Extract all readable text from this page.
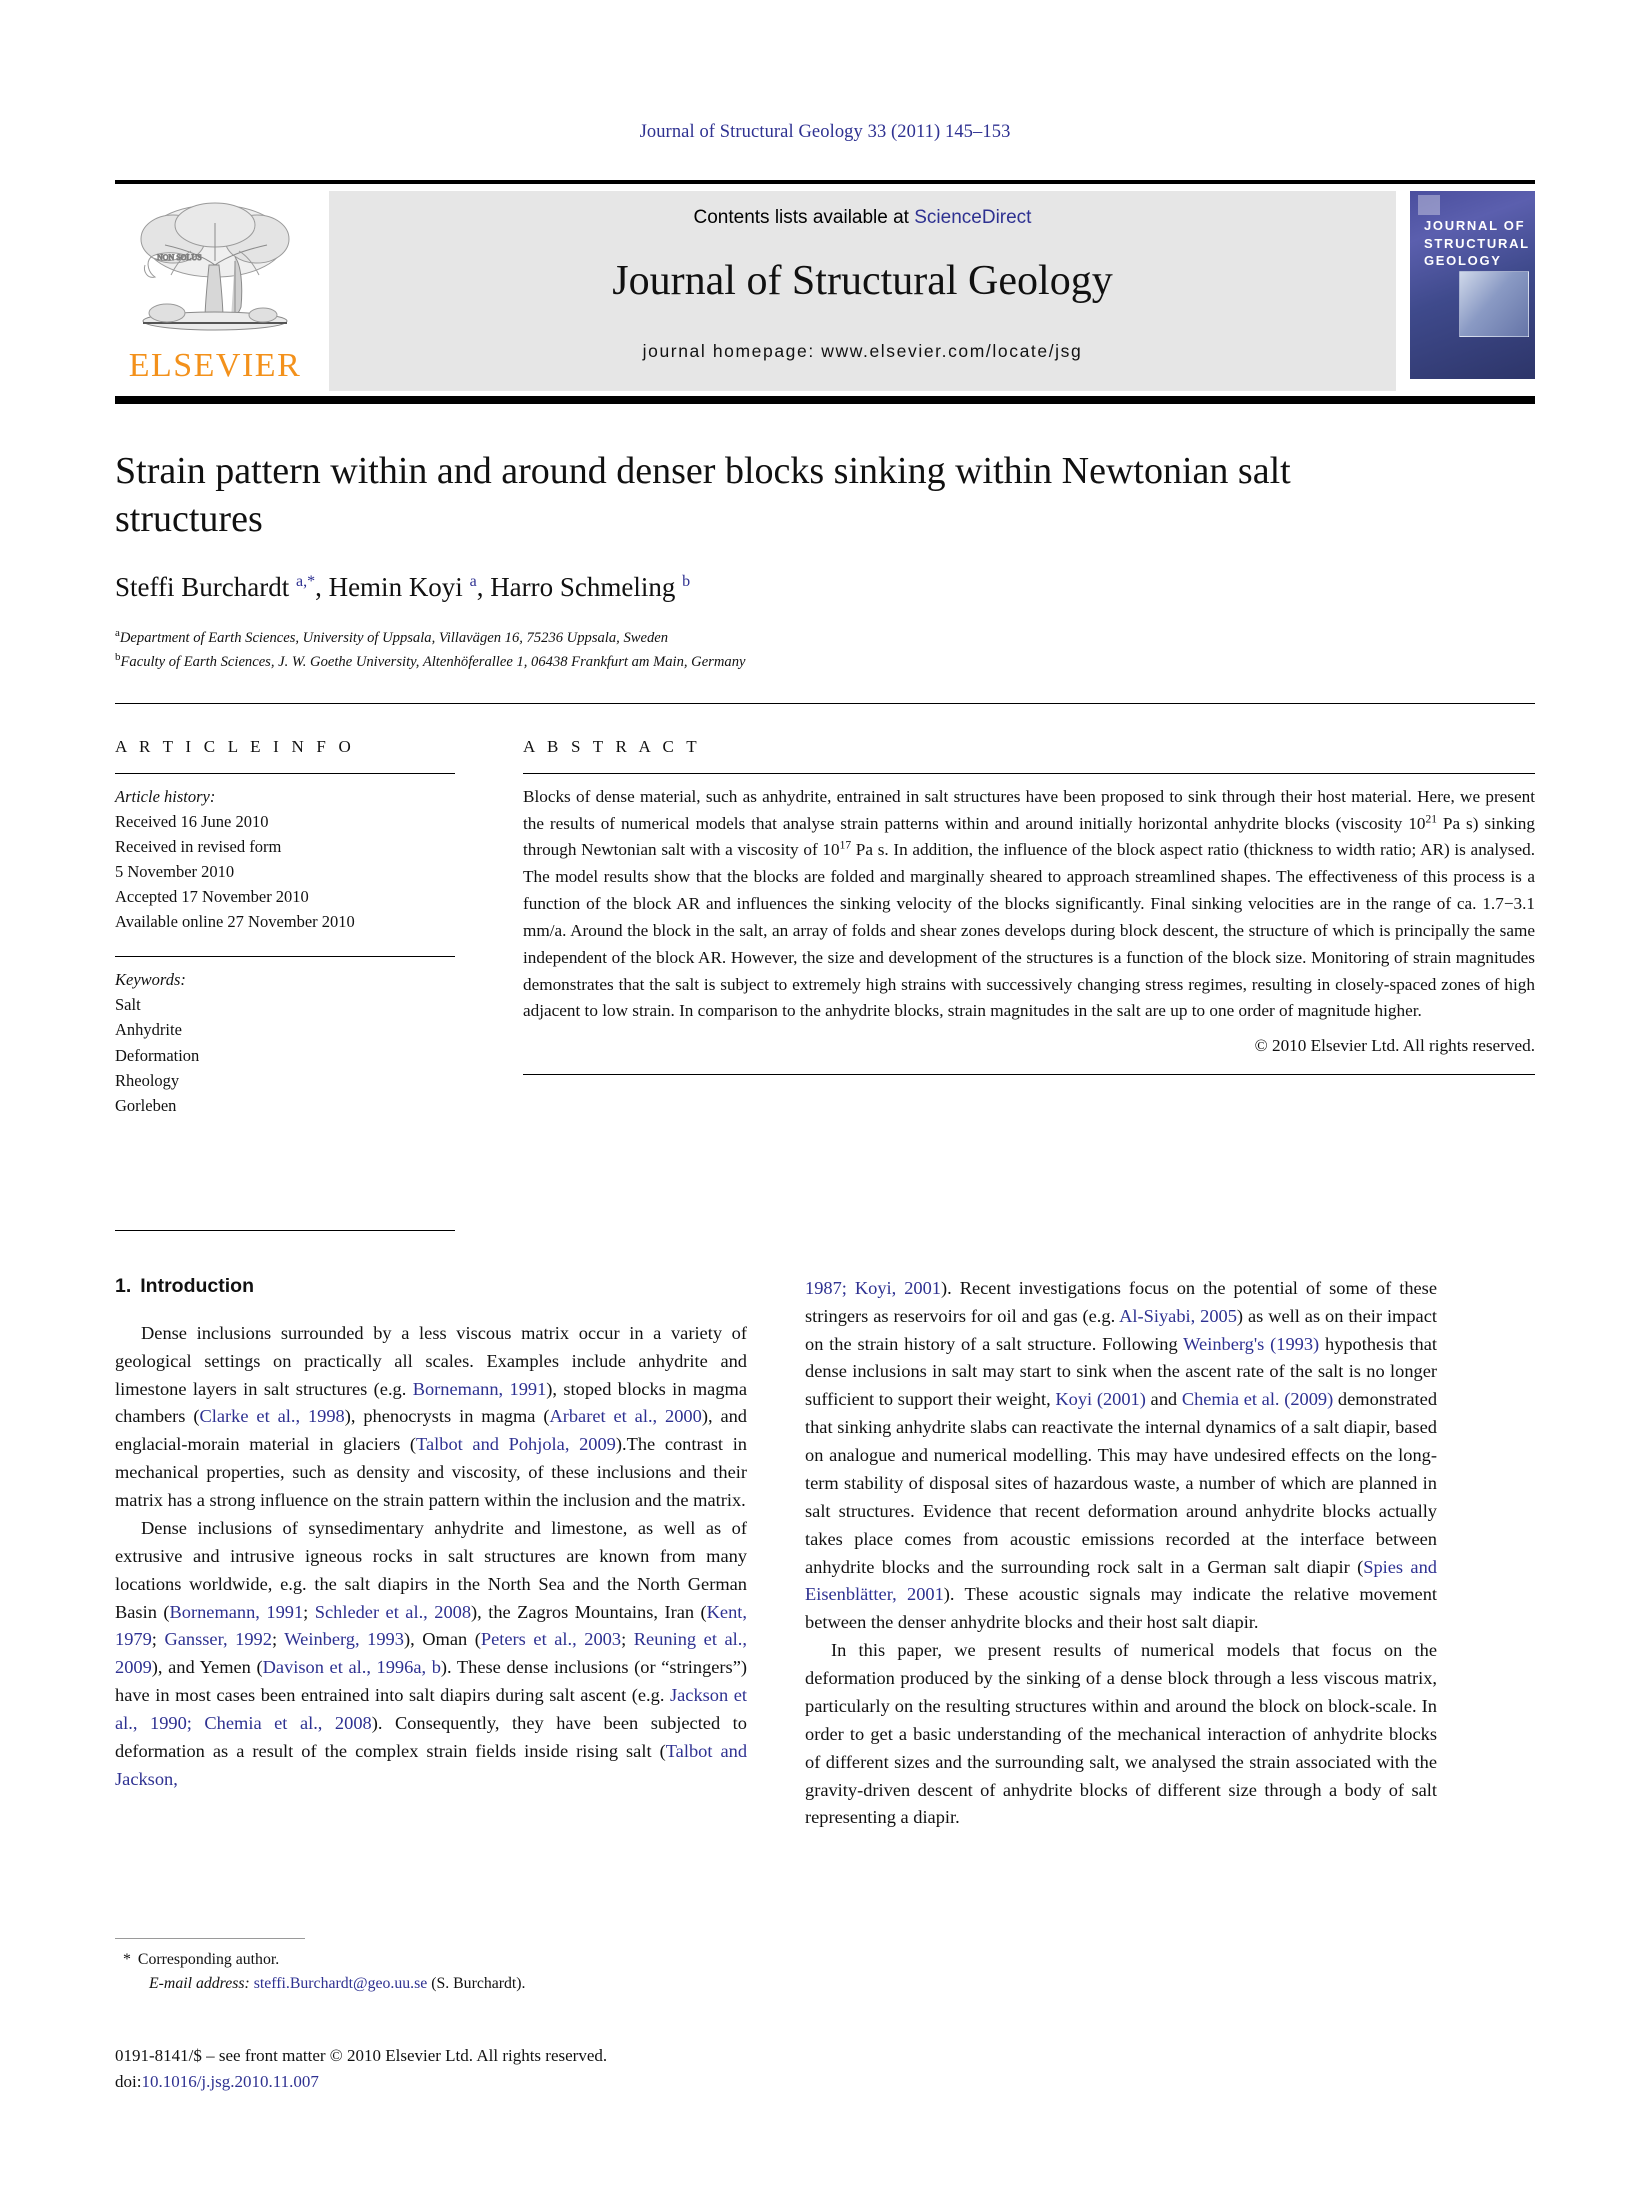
Journal of Structural Geology 33 (2011) 145–153
NON SOLUS
ELSEVIER
Contents lists available at ScienceDirect
Journal of Structural Geology
journal homepage: www.elsevier.com/locate/jsg
JOURNAL OF
STRUCTURAL
GEOLOGY
Strain pattern within and around denser blocks sinking within Newtonian salt structures
Steffi Burchardt $^{a,*}$, Hemin Koyi $^a$, Harro Schmeling $^b$
$^a$Department of Earth Sciences, University of Uppsala, Villavägen 16, 75236 Uppsala, Sweden
$^b$Faculty of Earth Sciences, J. W. Goethe University, Altenhöferallee 1, 06438 Frankfurt am Main, Germany
A R T I C L E I N F O
Article history:
Received 16 June 2010
Received in revised form
5 November 2010
Accepted 17 November 2010
Available online 27 November 2010
Keywords:
Salt
Anhydrite
Deformation
Rheology
Gorleben
A B S T R A C T
Blocks of dense material, such as anhydrite, entrained in salt structures have been proposed to sink through their host material. Here, we present the results of numerical models that analyse strain patterns within and around initially horizontal anhydrite blocks (viscosity $10^{21}$ Pa s) sinking through Newtonian salt with a viscosity of $10^{17}$ Pa s. In addition, the influence of the block aspect ratio (thickness to width ratio; AR) is analysed. The model results show that the blocks are folded and marginally sheared to approach streamlined shapes. The effectiveness of this process is a function of the block AR and influences the sinking velocity of the blocks significantly. Final sinking velocities are in the range of ca. 1.7−3.1 mm/a. Around the block in the salt, an array of folds and shear zones develops during block descent, the structure of which is principally the same independent of the block AR. However, the size and development of the structures is a function of the block size. Monitoring of strain magnitudes demonstrates that the salt is subject to extremely high strains with successively changing stress regimes, resulting in closely-spaced zones of high adjacent to low strain. In comparison to the anhydrite blocks, strain magnitudes in the salt are up to one order of magnitude higher.
© 2010 Elsevier Ltd. All rights reserved.
1. Introduction

Dense inclusions surrounded by a less viscous matrix occur in a variety of geological settings on practically all scales. Examples include anhydrite and limestone layers in salt structures (e.g. Bornemann, 1991), stoped blocks in magma chambers (Clarke et al., 1998), phenocrysts in magma (Arbaret et al., 2000), and englacial-morain material in glaciers (Talbot and Pohjola, 2009).The contrast in mechanical properties, such as density and viscosity, of these inclusions and their matrix has a strong influence on the strain pattern within the inclusion and the matrix.

Dense inclusions of synsedimentary anhydrite and limestone, as well as of extrusive and intrusive igneous rocks in salt structures are known from many locations worldwide, e.g. the salt diapirs in the North Sea and the North German Basin (Bornemann, 1991; Schleder et al., 2008), the Zagros Mountains, Iran (Kent, 1979; Gansser, 1992; Weinberg, 1993), Oman (Peters et al., 2003; Reuning et al., 2009), and Yemen (Davison et al., 1996a, b). These dense inclusions (or “stringers”) have in most cases been entrained into salt diapirs during salt ascent (e.g. Jackson et al., 1990; Chemia et al., 2008). Consequently, they have been subjected to deformation as a result of the complex strain fields inside rising salt (Talbot and Jackson,

1987; Koyi, 2001). Recent investigations focus on the potential of some of these stringers as reservoirs for oil and gas (e.g. Al-Siyabi, 2005) as well as on their impact on the strain history of a salt structure. Following Weinberg's (1993) hypothesis that dense inclusions in salt may start to sink when the ascent rate of the salt is no longer sufficient to support their weight, Koyi (2001) and Chemia et al. (2009) demonstrated that sinking anhydrite slabs can reactivate the internal dynamics of a salt diapir, based on analogue and numerical modelling. This may have undesired effects on the long-term stability of disposal sites of hazardous waste, a number of which are planned in salt structures. Evidence that recent deformation around anhydrite blocks actually takes place comes from acoustic emissions recorded at the interface between anhydrite blocks and the surrounding rock salt in a German salt diapir (Spies and Eisenblätter, 2001). These acoustic signals may indicate the relative movement between the denser anhydrite blocks and their host salt diapir.

In this paper, we present results of numerical models that focus on the deformation produced by the sinking of a dense block through a less viscous matrix, particularly on the resulting structures within and around the block on block-scale. In order to get a basic understanding of the mechanical interaction of anhydrite blocks of different sizes and the surrounding salt, we analysed the strain associated with the gravity-driven descent of anhydrite blocks of different size through a body of salt representing a diapir.

* Corresponding author.
E-mail address: steffi.Burchardt@geo.uu.se (S. Burchardt).
0191-8141/$ – see front matter © 2010 Elsevier Ltd. All rights reserved.
doi:10.1016/j.jsg.2010.11.007
